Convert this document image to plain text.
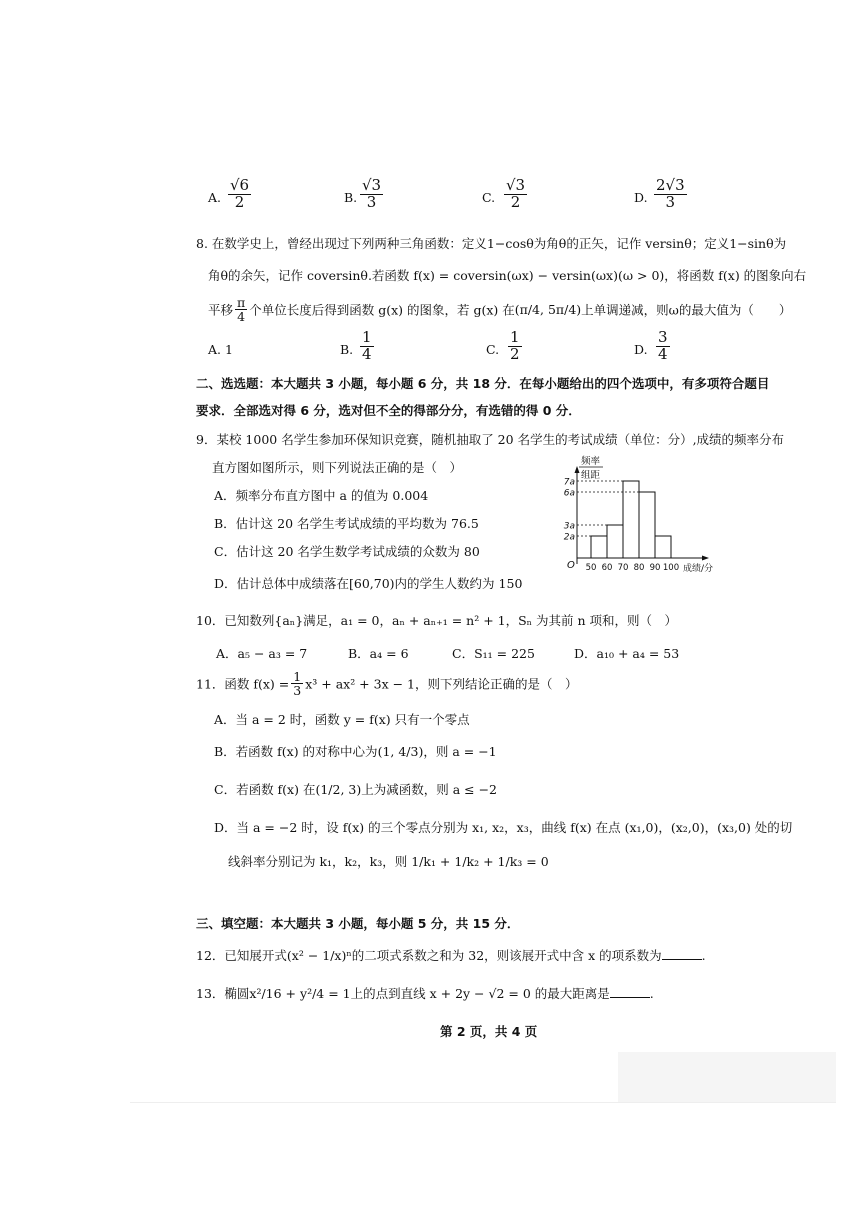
A. $\frac{√6}{2}$	B. $\frac{√3}{3}$	C. $\frac{√3}{2}$	D. $\frac{2√3}{3}$
8. 在数学史上，曾经出现过下列两种三角函数：定义1−cosθ为角θ的正矢，记作 versinθ；定义1−sinθ为
角θ的余矢，记作 coversinθ.若函数 f(x) = coversin(ωx) − versin(ωx)(ω > 0)，将函数 f(x) 的图象向右
平移 $\frac{\pi}{4}$ 个单位长度后得到函数 g(x) 的图象，若 g(x) 在(π/4, 5π/4)上单调递减，则ω的最大值为（　　）
A. 1	B. $\frac{1}{4}$	C. $\frac{1}{2}$	D. $\frac{3}{4}$
二、选选题：本大题共 3 小题，每小题 6 分，共 18 分．在每小题给出的四个选项中，有多项符合题目
要求．全部选对得 6 分，选对但不全的得部分分，有选错的得 0 分．
9．某校 1000 名学生参加环保知识竞赛，随机抽取了 20 名学生的考试成绩（单位：分）,成绩的频率分布
直方图如图所示，则下列说法正确的是（　）
A．频率分布直方图中 a 的值为 0.004
B．估计这 20 名学生考试成绩的平均数为 76.5
C．估计这 20 名学生数学考试成绩的众数为 80
D．估计总体中成绩落在[60,70)内的学生人数约为 150
频率
组距
O
2a
3a
6a
7a
50 60 70 80 90 100 成绩/分
10．已知数列{aₙ}满足，a₁ = 0，aₙ + aₙ₊₁ = n² + 1，Sₙ 为其前 n 项和，则（　）
A．a₅ − a₃ = 7	B．a₄ = 6	C．S₁₁ = 225	D．a₁₀ + a₄ = 53
11．函数 $f(x) = \frac{1}{3} x^3 + ax^2 + 3x - 1$，则下列结论正确的是（　）
A．当 a = 2 时，函数 y = f(x) 只有一个零点
B．若函数 f(x) 的对称中心为(1, 4/3)，则 a = −1
C．若函数 f(x) 在(1/2, 3)上为减函数，则 a ≤ −2
D．当 a = −2 时，设 f(x) 的三个零点分别为 x₁, x₂，x₃，曲线 f(x) 在点 (x₁,0)，(x₂,0)，(x₃,0) 处的切
线斜率分别记为 k₁，k₂，k₃，则 1/k₁ + 1/k₂ + 1/k₃ = 0
三、填空题：本大题共 3 小题，每小题 5 分，共 15 分．
12．已知展开式(x² − 1/x)ⁿ的二项式系数之和为 32，则该展开式中含 x 的项系数为	.
13．椭圆x²/16 + y²/4 = 1上的点到直线 x + 2y − √2 = 0 的最大距离是	.
第 2 页，共 4 页
